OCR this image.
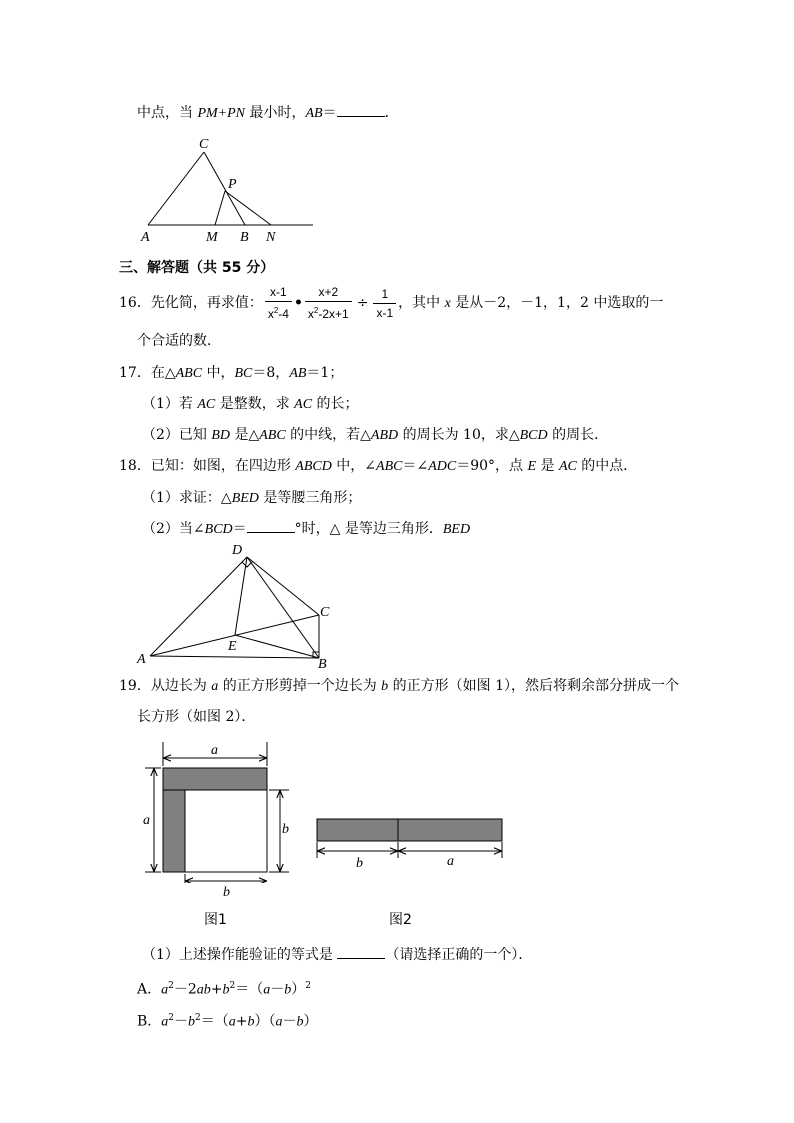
中点，当 PM+PN 最小时，AB＝	．
C
P
A	M B N
三、解答题（共 55 分）
16．先化简，再求值： $\frac{x-1}{x^2-4}$ • $\frac{x+2}{x^2-2x+1} \div \frac{1}{x-1}$ ，其中 x 是从－2，－1，1，2 中选取的一
个合适的数．
17．在△ABC 中，BC＝8，AB＝1；
（1）若 AC 是整数，求 AC 的长；
（2）已知 BD 是△ABC 的中线，若△ABD 的周长为 10，求△BCD 的周长．
18．已知：如图，在四边形 ABCD 中，∠ABC＝∠ADC＝90°，点 E 是 AC 的中点．
（1）求证：△BED 是等腰三角形；
（2）当∠BCD＝	°时，△ 是等边三角形．BED
D
C
E
A	B
19．从边长为 a 的正方形剪掉一个边长为 b 的正方形（如图 1），然后将剩余部分拼成一个
长方形（如图 2）．
a
a
b
b	a
b
图1	图2
（1）上述操作能验证的等式是	（请选择正确的一个）．
A．$a^2-2ab+b^2=(a-b)^2$
B．$a^2-b^2=(a+b)(a-b)$
